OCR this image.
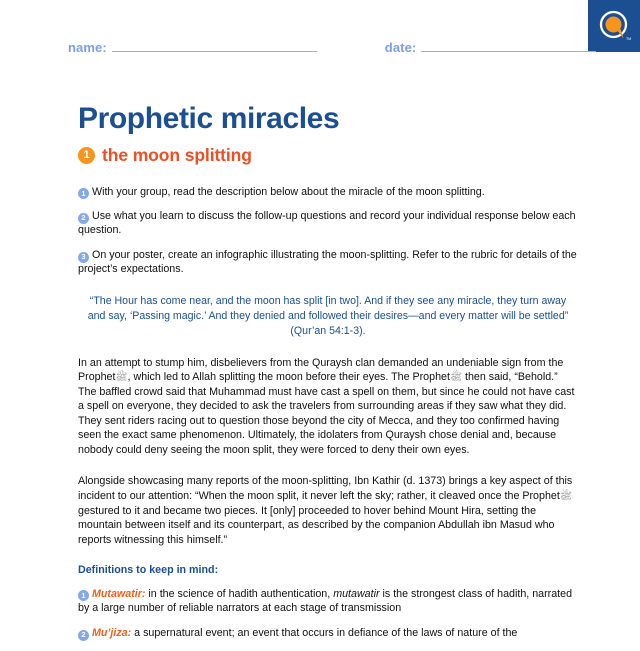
TM
name:	date:
Prophetic miracles
1 the moon splitting

1 With your group, read the description below about the miracle of the moon splitting.

2 Use what you learn to discuss the follow-up questions and record your individual response below each question.

3 On your poster, create an infographic illustrating the moon-splitting. Refer to the rubric for details of the project’s expectations.

“The Hour has come near, and the moon has split [in two]. And if they see any miracle, they turn away and say, ‘Passing magic.’ And they denied and followed their desires—and every matter will be settled” (Qur’an 54:1-3).

In an attempt to stump him, disbelievers from the Quraysh clan demanded an undeniable sign from the Prophetﷺ, which led to Allah splitting the moon before their eyes. The Prophetﷺ then said, “Behold.” The baffled crowd said that Muhammad must have cast a spell on them, but since he could not have cast a spell on everyone, they decided to ask the travelers from surrounding areas if they saw what they did. They sent riders racing out to question those beyond the city of Mecca, and they too confirmed having seen the exact same phenomenon. Ultimately, the idolaters from Quraysh chose denial and, because nobody could deny seeing the moon split, they were forced to deny their own eyes.

Alongside showcasing many reports of the moon-splitting, Ibn Kathir (d. 1373) brings a key aspect of this incident to our attention: “When the moon split, it never left the sky; rather, it cleaved once the Prophetﷺ gestured to it and became two pieces. It [only] proceeded to hover behind Mount Hira, setting the mountain between itself and its counterpart, as described by the companion Abdullah ibn Masud who reports witnessing this himself.”

Definitions to keep in mind:

1 Mutawatir: in the science of hadith authentication, mutawatir is the strongest class of hadith, narrated by a large number of reliable narrators at each stage of transmission

2 Mu’jiza: a supernatural event; an event that occurs in defiance of the laws of nature of the
